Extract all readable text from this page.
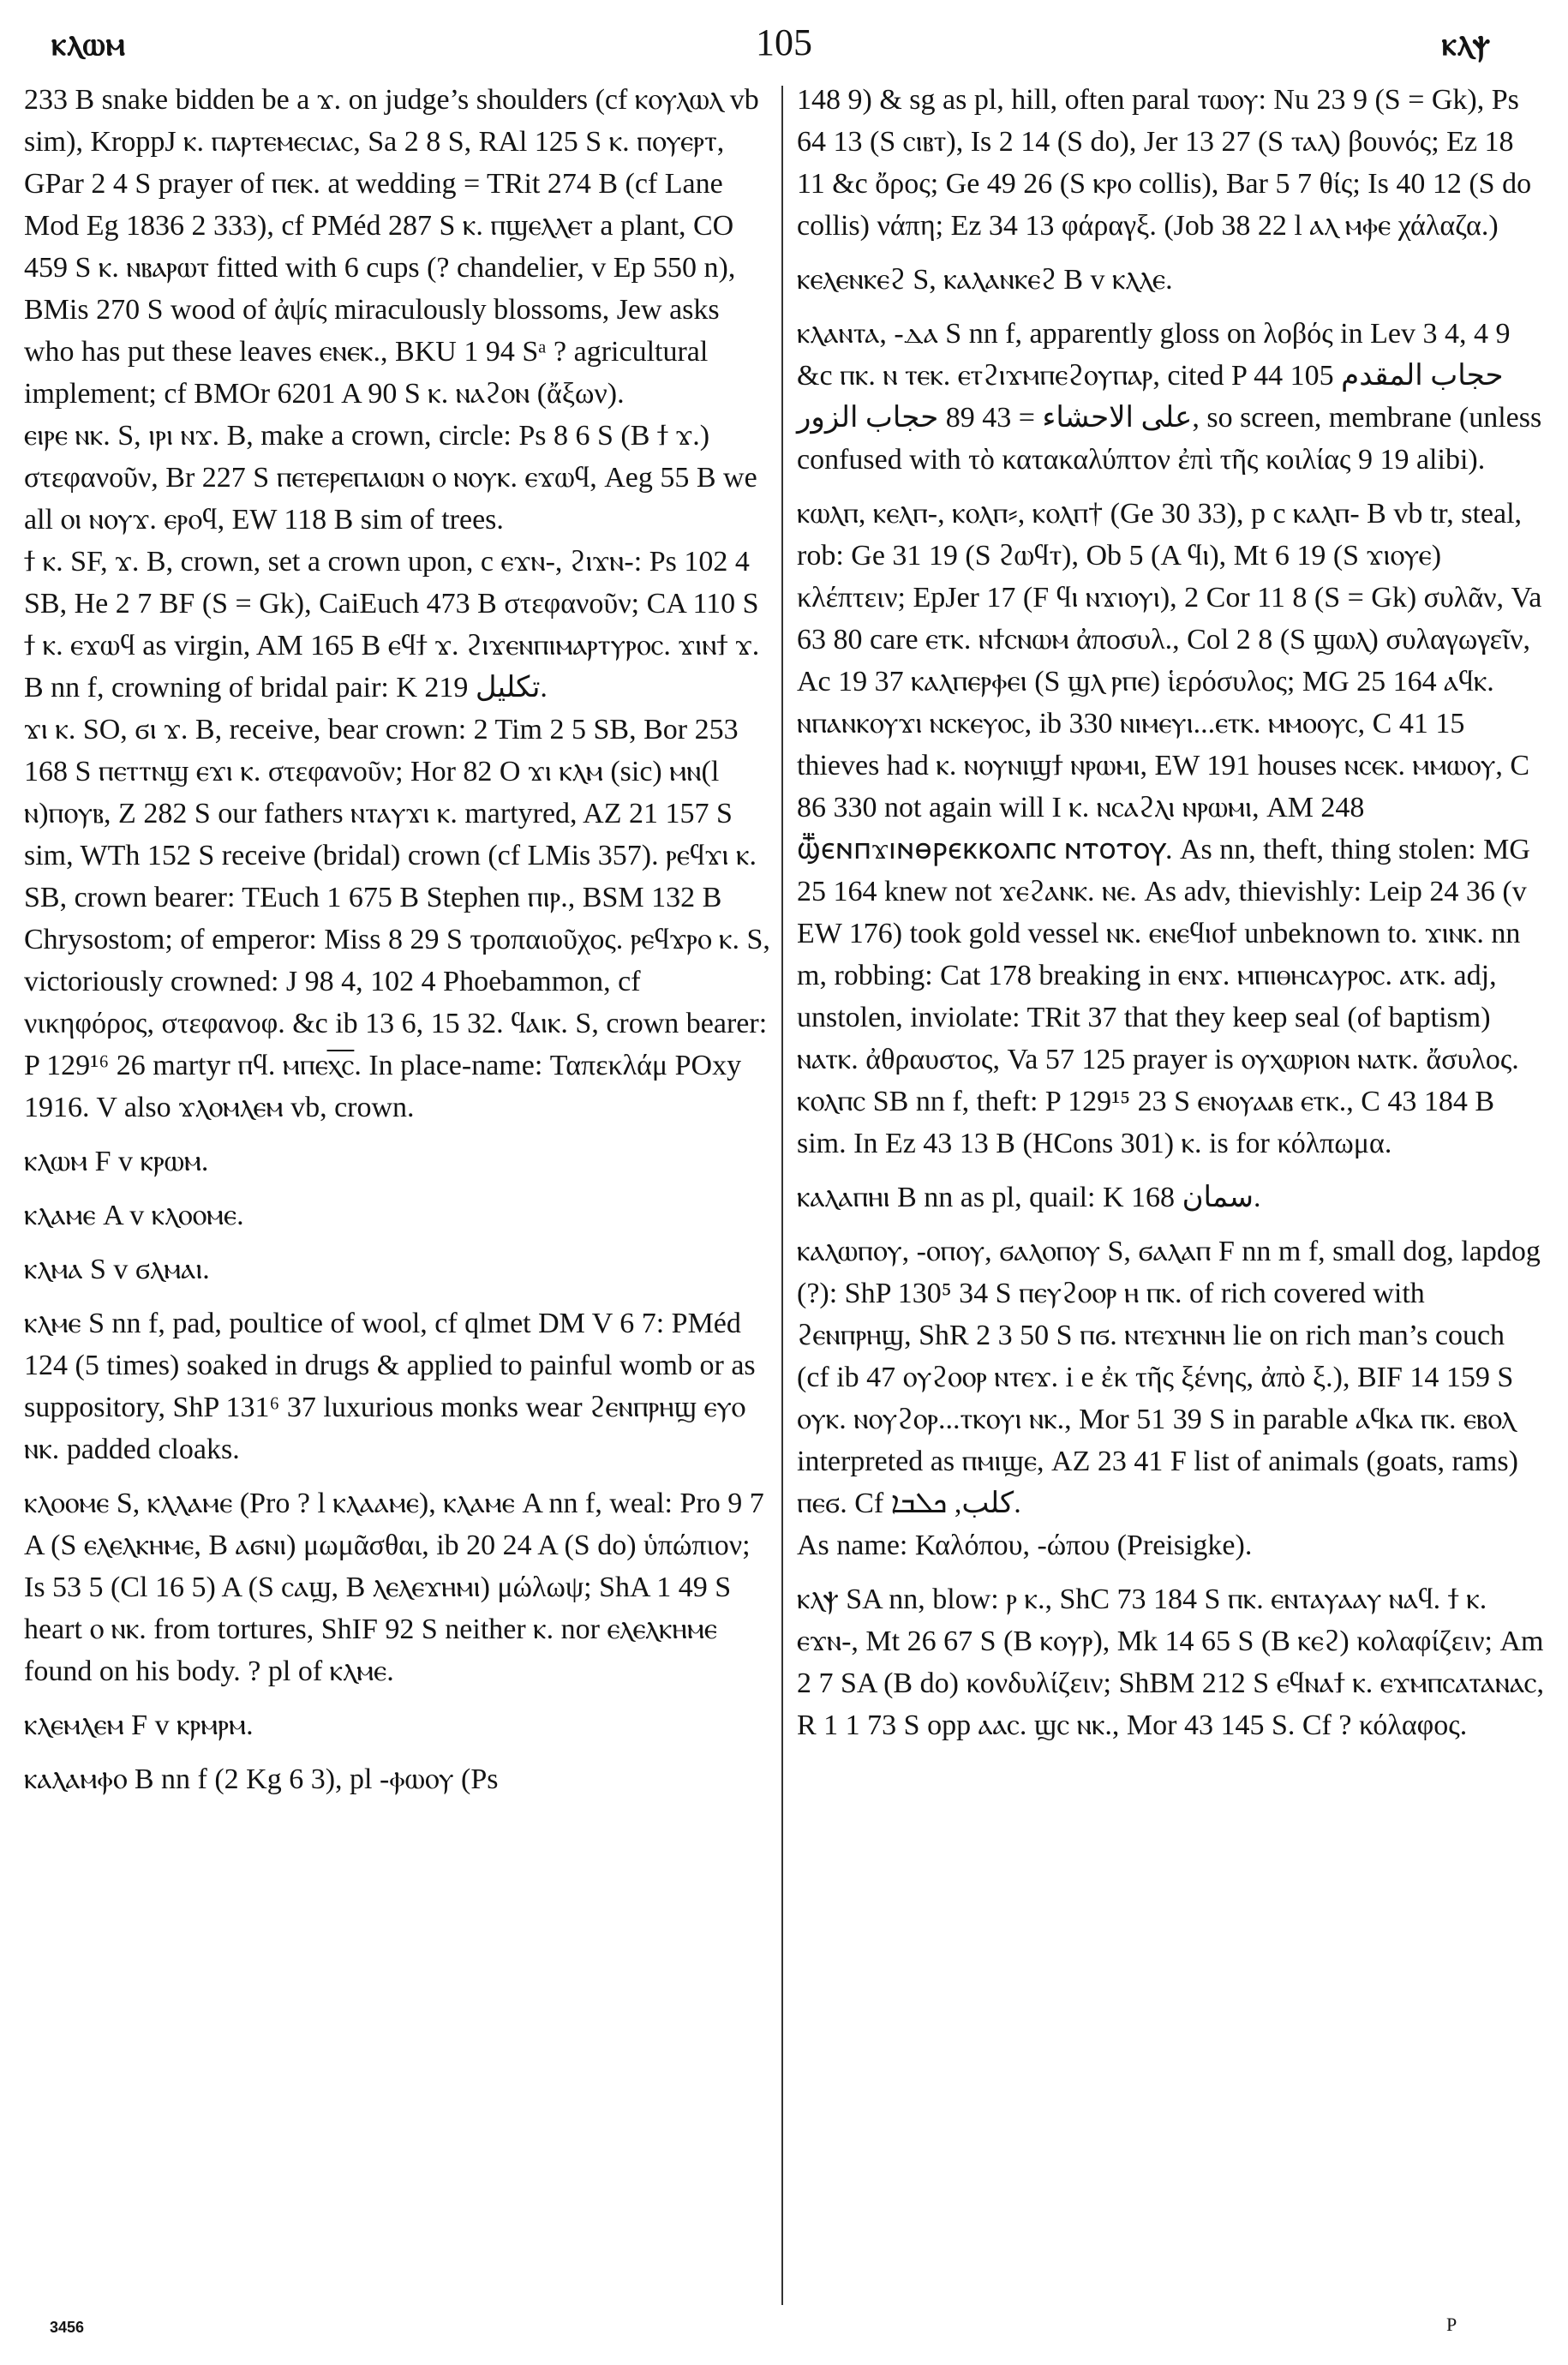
ⲕⲗⲱⲙ	105	ⲕⲗⲯ

233 B snake bidden be a ϫ. on judge’s shoulders (cf ⲕⲟⲩⲗⲱⲗ vb sim), KroppJ ⲕ. ⲡⲁⲣⲧⲉⲙⲉⲥⲓⲁⲥ, Sa 2 8 S, RAl 125 S ⲕ. ⲡⲟⲩⲉⲣⲧ, GPar 2 4 S prayer of ⲡⲉⲕ. at wedding = TRit 274 B (cf Lane Mod Eg 1836 2 333), cf PMéd 287 S ⲕ. ⲡϣⲉⲗⲗⲉⲧ a plant, CO 459 S ⲕ. ⲛⲃⲁⲣⲱⲧ fitted with 6 cups (? chandelier, v Ep 550 n), BMis 270 S wood of ἀψίς miraculously blossoms, Jew asks who has put these leaves ⲉⲛⲉⲕ., BKU 1 94 Sᵃ ? agricultural implement; cf BMOr 6201 A 90 S ⲕ. ⲛⲁϩⲟⲛ (ἄξων).

ⲉⲓⲣⲉ ⲛⲕ. S, ⲓⲣⲓ ⲛϫ. B, make a crown, circle: Ps 8 6 S (B ϯ ϫ.) στεφανοῦν, Br 227 S ⲡⲉⲧⲉⲣⲉⲡⲁⲓⲱⲛ ⲟ ⲛⲟⲩⲕ. ⲉϫⲱϥ, Aeg 55 B we all ⲟⲓ ⲛⲟⲩϫ. ⲉⲣⲟϥ, EW 118 B sim of trees.

ϯ ⲕ. SF, ϫ. B, crown, set a crown upon, c ⲉϫⲛ-, ϩⲓϫⲛ-: Ps 102 4 SB, He 2 7 BF (S = Gk), CaiEuch 473 B στεφανοῦν; CA 110 S ϯ ⲕ. ⲉϫⲱϥ as virgin, AM 165 B ⲉϥϯ ϫ. ϩⲓϫⲉⲛⲡⲓⲙⲁⲣⲧⲩⲣⲟⲥ. ϫⲓⲛϯ ϫ. B nn f, crowning of bridal pair: K 219 تكليل.

ϫⲓ ⲕ. SO, ϭⲓ ϫ. B, receive, bear crown: 2 Tim 2 5 SB, Bor 253 168 S ⲡⲉⲧⲧⲛϣ ⲉϫⲓ ⲕ. στεφανοῦν; Hor 82 O ϫⲓ ⲕⲗⲙ (sic) ⲙⲛ(l ⲛ)ⲡⲟⲩⲃ, Z 282 S our fathers ⲛⲧⲁⲩϫⲓ ⲕ. martyred, AZ 21 157 S sim, WTh 152 S receive (bridal) crown (cf LMis 357). ⲣⲉϥϫⲓ ⲕ. SB, crown bearer: TEuch 1 675 B Stephen ⲡⲓⲣ., BSM 132 B Chrysostom; of emperor: Miss 8 29 S τροπαιοῦχος. ⲣⲉϥϫⲣⲟ ⲕ. S, victoriously crowned: J 98 4, 102 4 Phoebammon, cf νικηφόρος, στεφανοφ. &c ib 13 6, 15 32. ϥⲁⲓⲕ. S, crown bearer: P 129¹⁶ 26 martyr ⲡϥ. ⲙⲡⲉⲭ︦ⲥ︦. In place-name: Ταπεκλάμ POxy 1916. V also ϫⲗⲟⲙⲗⲉⲙ vb, crown.

ⲕⲗⲱⲙ F v ⲕⲣⲱⲙ.

ⲕⲗⲁⲙⲉ A v ⲕⲗⲟⲟⲙⲉ.

ⲕⲗⲙⲁ S v ϭⲗⲙⲁⲓ.

ⲕⲗⲙⲉ S nn f, pad, poultice of wool, cf qlmet DM V 6 7: PMéd 124 (5 times) soaked in drugs & applied to painful womb or as suppository, ShP 131⁶ 37 luxurious monks wear ϩⲉⲛⲡⲣⲏϣ ⲉⲩⲟ ⲛⲕ. padded cloaks.

ⲕⲗⲟⲟⲙⲉ S, ⲕⲗⲗⲁⲙⲉ (Pro ? l ⲕⲗⲁⲁⲙⲉ), ⲕⲗⲁⲙⲉ A nn f, weal: Pro 9 7 A (S ⲉⲗⲉⲗⲕⲏⲙⲉ, B ⲁϭⲛⲓ) μωμᾶσθαι, ib 20 24 A (S do) ὑπώπιον; Is 53 5 (Cl 16 5) A (S ⲥⲁϣ, B ⲗⲉⲗⲉϫⲏⲙⲓ) μώλωψ; ShA 1 49 S heart ⲟ ⲛⲕ. from tortures, ShIF 92 S neither ⲕ. nor ⲉⲗⲉⲗⲕⲏⲙⲉ found on his body. ? pl of ⲕⲗⲙⲉ.

ⲕⲗⲉⲙⲗⲉⲙ F v ⲕⲣⲙⲣⲙ.

ⲕⲁⲗⲁⲙⲫⲟ B nn f (2 Kg 6 3), pl -ⲫⲱⲟⲩ (Ps

148 9) & sg as pl, hill, often paral ⲧⲱⲟⲩ: Nu 23 9 (S = Gk), Ps 64 13 (S ⲥⲓⲃⲧ), Is 2 14 (S do), Jer 13 27 (S ⲧⲁⲗ) βουνός; Ez 18 11 &c ὄρος; Ge 49 26 (S ⲕⲣⲟ collis), Bar 5 7 θίς; Is 40 12 (S do collis) νάπη; Ez 34 13 φάραγξ. (Job 38 22 l ⲁⲗ ⲙⲫⲉ χάλαζα.)

ⲕⲉⲗⲉⲛⲕⲉϩ S, ⲕⲁⲗⲁⲛⲕⲉϩ B v ⲕⲗⲗⲉ.

ⲕⲗⲁⲛⲧⲁ, -ⲇⲁ S nn f, apparently gloss on λοβός in Lev 3 4, 4 9 &c ⲡⲕ. ⲛ ⲧⲉⲕ. ⲉⲧϩⲓϫⲙⲡⲉϩⲟⲩⲡⲁⲣ, cited P 44 105 حجاب المقدم على الاحشاء = 43 89 حجاب الزور, so screen, membrane (unless confused with τὸ κατακαλύπτον ἐπὶ τῆς κοιλίας 9 19 alibi).

ⲕⲱⲗⲡ, ⲕⲉⲗⲡ-, ⲕⲟⲗⲡ⸗, ⲕⲟⲗⲡ† (Ge 30 33), p c ⲕⲁⲗⲡ- B vb tr, steal, rob: Ge 31 19 (S ϩⲱϥⲧ), Ob 5 (A ϥⲓ), Mt 6 19 (S ϫⲓⲟⲩⲉ) κλέπτειν; EpJer 17 (F ϥⲓ ⲛϫⲓⲟⲩⲓ), 2 Cor 11 8 (S = Gk) συλᾶν, Va 63 80 care ⲉⲧⲕ. ⲛϯⲥⲛⲱⲙ ἀποσυλ., Col 2 8 (S ϣⲱⲗ) συλαγωγεῖν, Ac 19 37 ⲕⲁⲗⲡⲉⲣⲫⲉⲓ (S ϣⲗ ⲣⲡⲉ) ἱερόσυλος; MG 25 164 ⲁϥⲕ. ⲛⲡⲁⲛⲕⲟⲩϫⲓ ⲛⲥⲕⲉⲩⲟⲥ, ib 330 ⲛⲓⲙⲉⲩⲓ...ⲉⲧⲕ. ⲙⲙⲟⲟⲩⲥ, C 41 15 thieves had ⲕ. ⲛⲟⲩⲛⲓϣϯ ⲛⲣⲱⲙⲓ, EW 191 houses ⲛⲥⲉⲕ. ⲙⲙⲱⲟⲩ, C 86 330 not again will I ⲕ. ⲛⲥⲁϩⲗⲓ ⲛⲣⲱⲙⲓ, AM 248 ⳃⲉⲛⲡϫⲓⲛⲑⲣⲉⲕⲕⲟⲗⲡⲥ ⲛⲧⲟⲧⲟⲩ. As nn, theft, thing stolen: MG 25 164 knew not ϫⲉϩⲁⲛⲕ. ⲛⲉ. As adv, thievishly: Leip 24 36 (v EW 176) took gold vessel ⲛⲕ. ⲉⲛⲉϥⲓⲟϯ unbeknown to. ϫⲓⲛⲕ. nn m, robbing: Cat 178 breaking in ⲉⲛϫ. ⲙⲡⲓⲑⲏⲥⲁⲩⲣⲟⲥ. ⲁⲧⲕ. adj, unstolen, inviolate: TRit 37 that they keep seal (of baptism) ⲛⲁⲧⲕ. ἀθραυστος, Va 57 125 prayer is ⲟⲩⲭⲱⲣⲓⲟⲛ ⲛⲁⲧⲕ. ἄσυλος.

ⲕⲟⲗⲡⲥ SB nn f, theft: P 129¹⁵ 23 S ⲉⲛⲟⲩⲁⲁⲃ ⲉⲧⲕ., C 43 184 B sim. In Ez 43 13 B (HCons 301) ⲕ. is for κόλπωμα.

ⲕⲁⲗⲁⲡⲏⲓ B nn as pl, quail: K 168 سمان.

ⲕⲁⲗⲱⲡⲟⲩ, -ⲟⲡⲟⲩ, ϭⲁⲗⲟⲡⲟⲩ S, ϭⲁⲗⲁⲡ F nn m f, small dog, lapdog (?): ShP 130⁵ 34 S ⲡⲉⲩϩⲟⲟⲣ ⲏ ⲡⲕ. of rich covered with ϩⲉⲛⲡⲣⲏϣ, ShR 2 3 50 S ⲡϭ. ⲛⲧⲉϫⲏⲛⲏ lie on rich man’s couch (cf ib 47 ⲟⲩϩⲟⲟⲣ ⲛⲧⲉϫ. i e ἐκ τῆς ξένης, ἀπὸ ξ.), BIF 14 159 S ⲟⲩⲕ. ⲛⲟⲩϩⲟⲣ...ⲧⲕⲟⲩⲓ ⲛⲕ., Mor 51 39 S in parable ⲁϥⲕⲁ ⲡⲕ. ⲉⲃⲟⲗ interpreted as ⲡⲙⲓϣⲉ, AZ 23 41 F list of animals (goats, rams) ⲡⲉϭ. Cf كلب, ܟܠܒܐ.

As name: Καλόπου, -ώπου (Preisigke).

ⲕⲗⲯ SA nn, blow: ⲣ ⲕ., ShC 73 184 S ⲡⲕ. ⲉⲛⲧⲁⲩⲁⲁⲩ ⲛⲁϥ. ϯ ⲕ. ⲉϫⲛ-, Mt 26 67 S (B ⲕⲟⲩⲣ), Mk 14 65 S (B ⲕⲉϩ) κολαφίζειν; Am 2 7 SA (B do) κονδυλίζειν; ShBM 212 S ⲉϥⲛⲁϯ ⲕ. ⲉϫⲙⲡⲥⲁⲧⲁⲛⲁⲥ, R 1 1 73 S opp ⲁⲁⲥ. ϣⲥ ⲛⲕ., Mor 43 145 S. Cf ? κόλαφος.

3456	P
